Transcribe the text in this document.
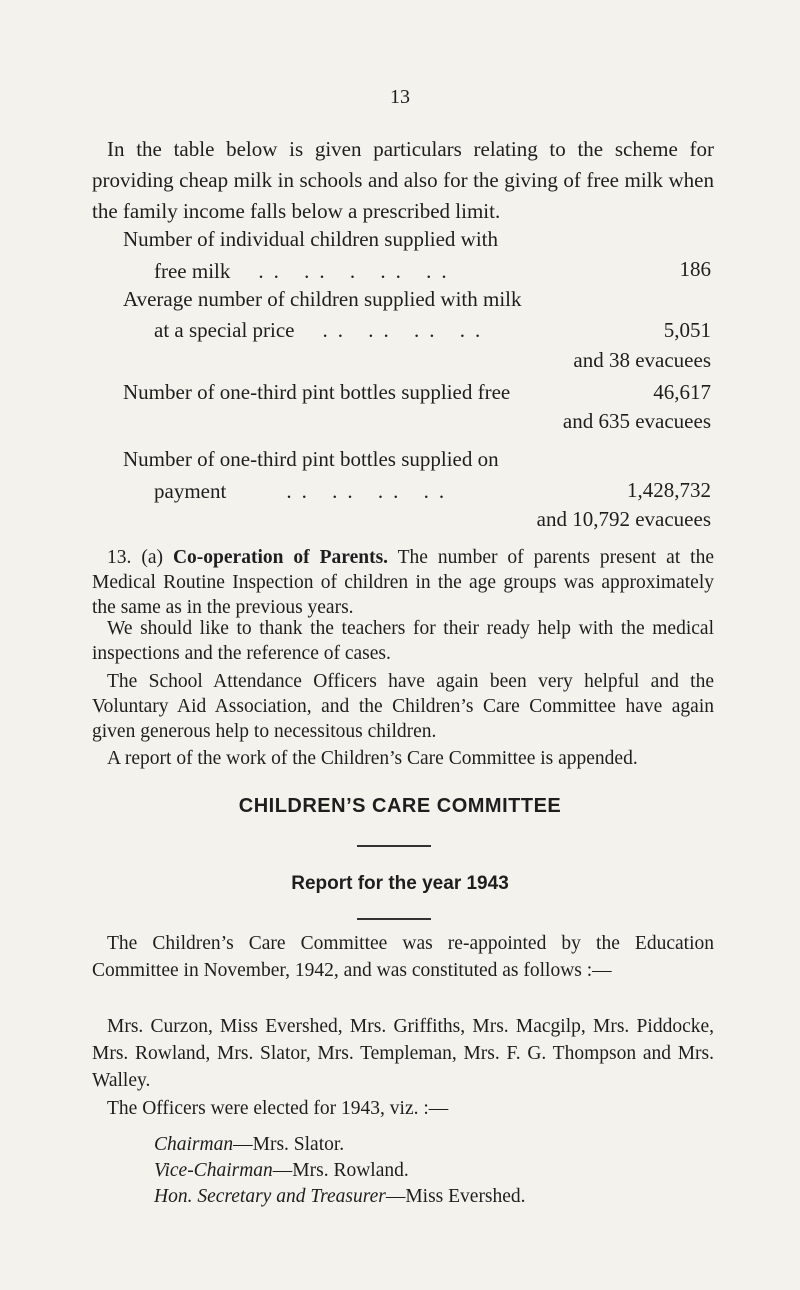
13

In the table below is given particulars relating to the scheme for providing cheap milk in schools and also for the giving of free milk when the family income falls below a prescribed limit.

Number of individual children supplied with
free milk .. .. . .. ..	186
Average number of children supplied with milk
at a special price .. .. .. ..	5,051
and 38 evacuees
Number of one-third pint bottles supplied free	46,617
and 635 evacuees
Number of one-third pint bottles supplied on
payment	.. .. .. ..	1,428,732
and 10,792 evacuees

13. (a) Co-operation of Parents. The number of parents present at the Medical Routine Inspection of children in the age groups was approximately the same as in the previous years.

We should like to thank the teachers for their ready help with the medical inspections and the reference of cases.

The School Attendance Officers have again been very helpful and the Voluntary Aid Association, and the Children’s Care Committee have again given generous help to necessitous children.

A report of the work of the Children’s Care Committee is appended.

CHILDREN’S CARE COMMITTEE
Report for the year 1943

The Children’s Care Committee was re-appointed by the Education Committee in November, 1942, and was constituted as follows :—

Mrs. Curzon, Miss Evershed, Mrs. Griffiths, Mrs. Macgilp, Mrs. Piddocke, Mrs. Rowland, Mrs. Slator, Mrs. Templeman, Mrs. F. G. Thompson and Mrs. Walley.

The Officers were elected for 1943, viz. :—

Chairman—Mrs. Slator.
Vice-Chairman—Mrs. Rowland.
Hon. Secretary and Treasurer—Miss Evershed.
